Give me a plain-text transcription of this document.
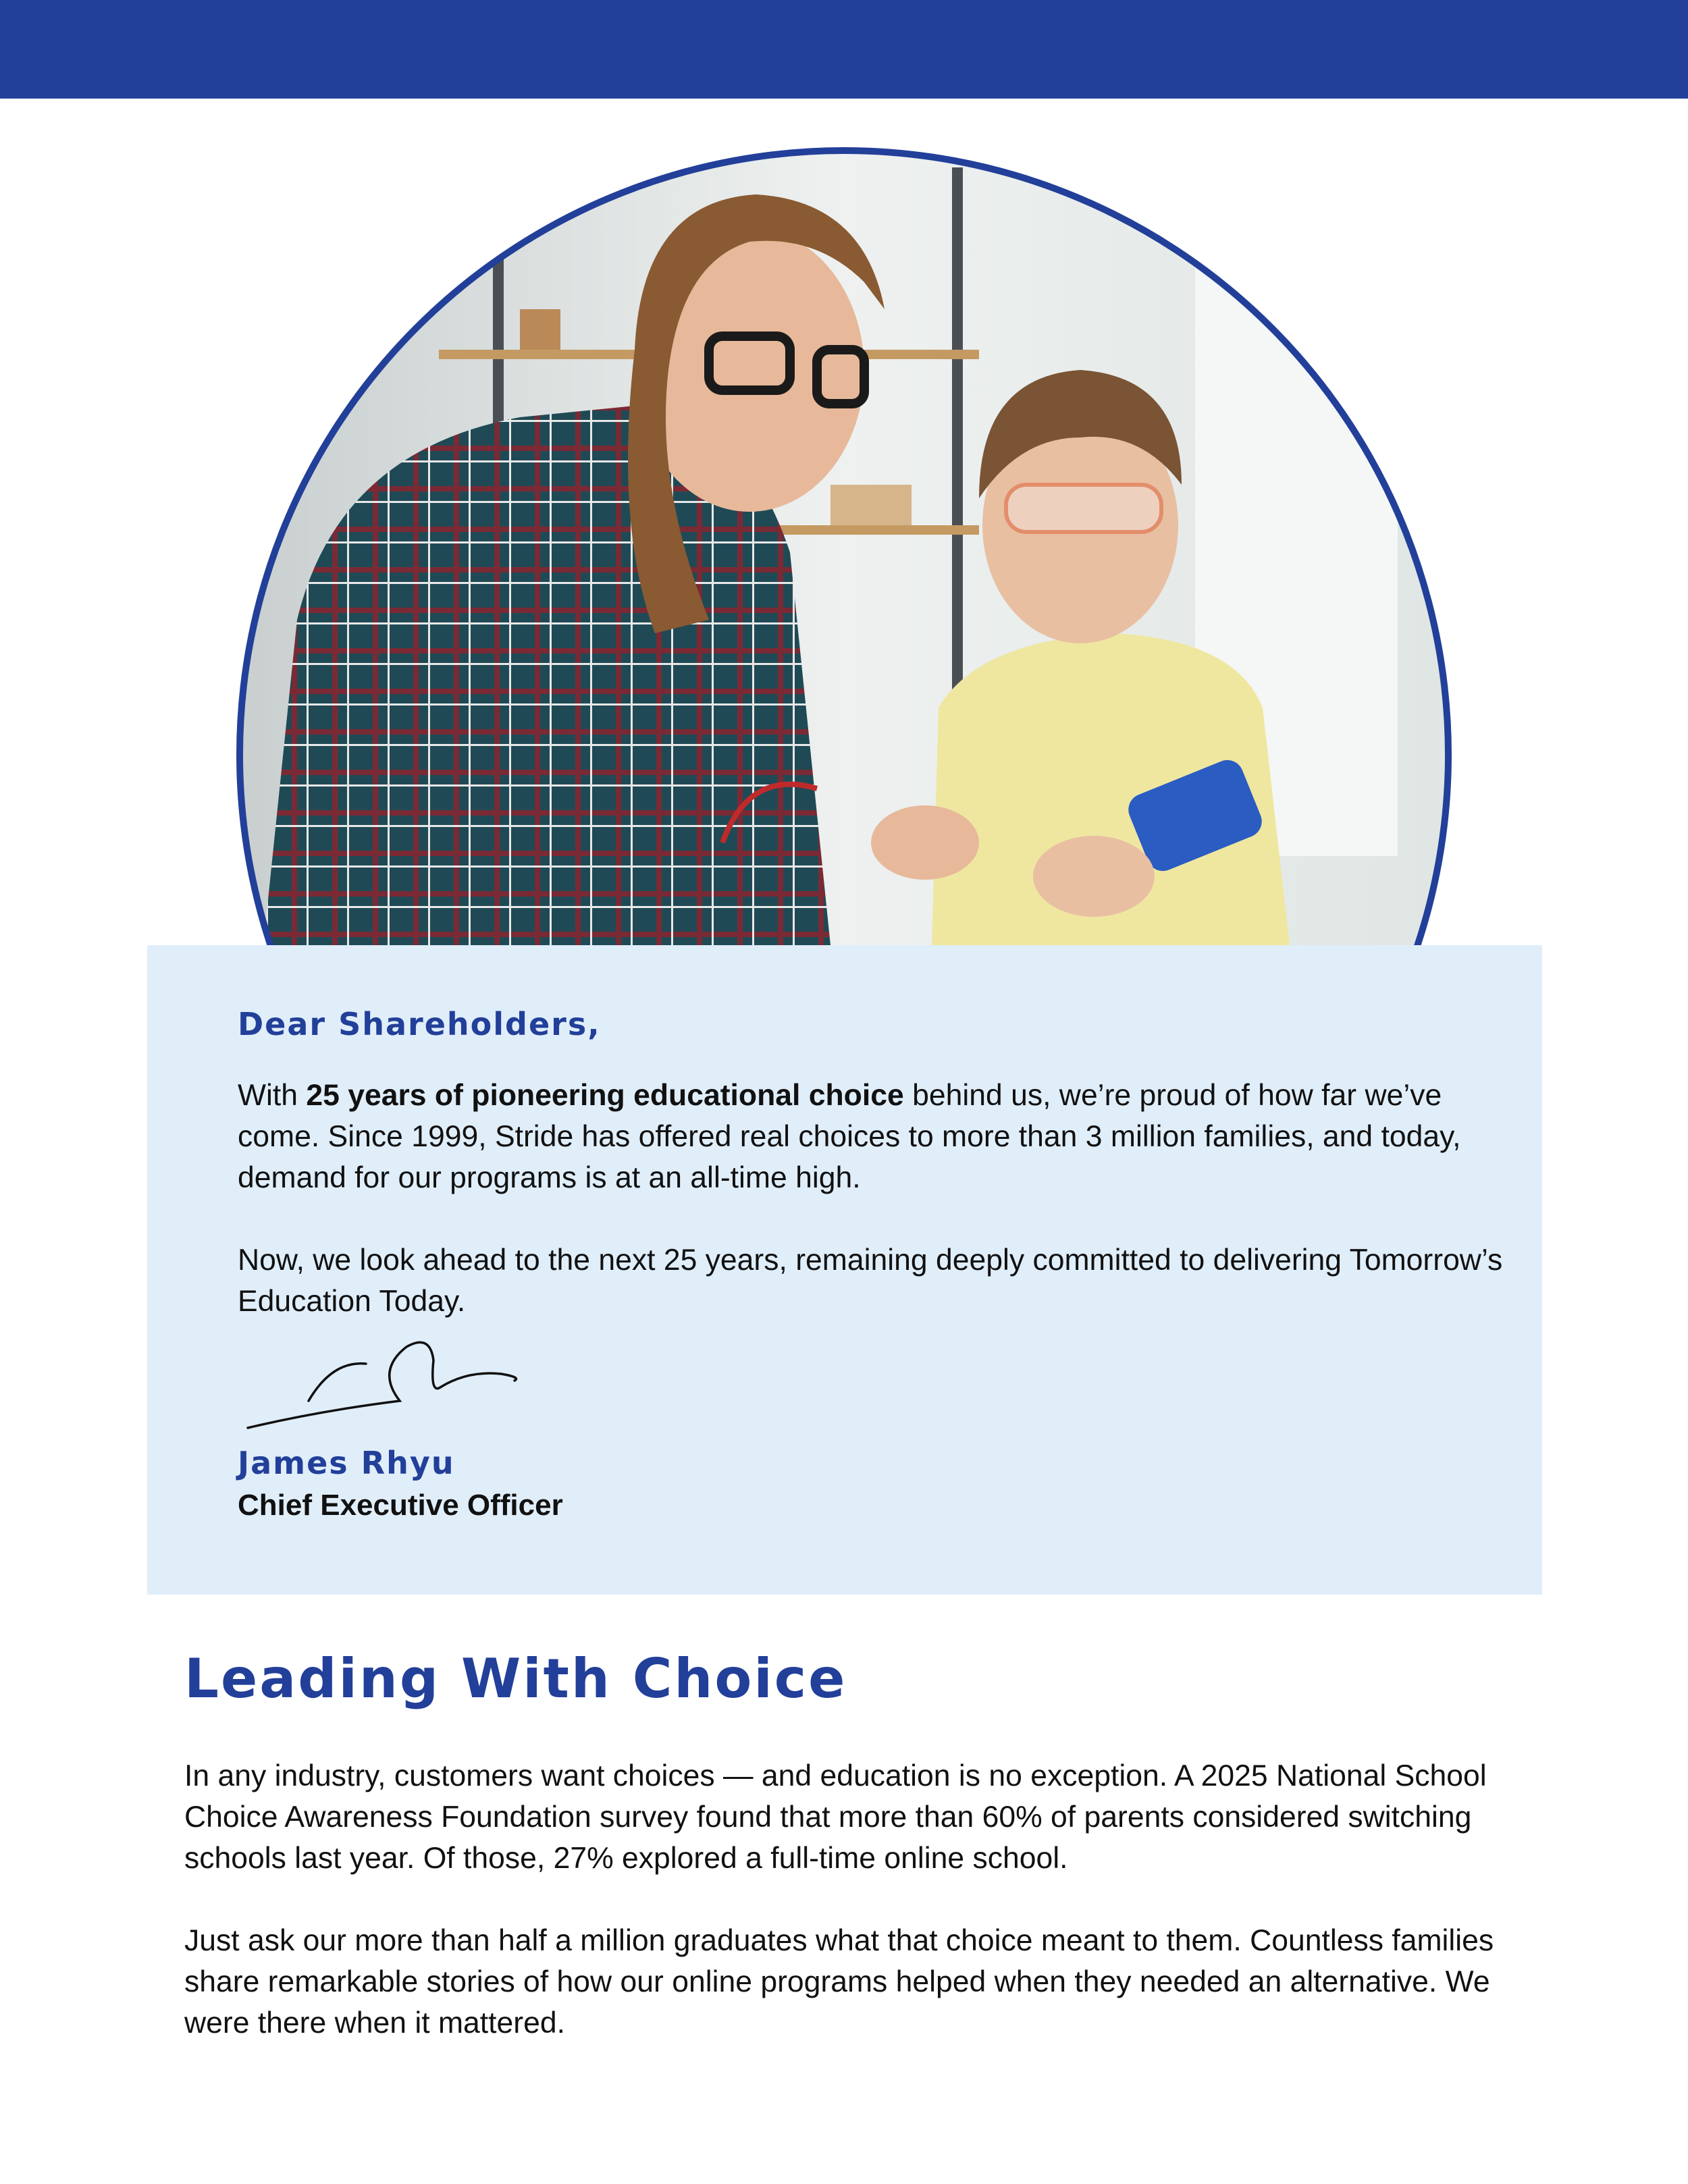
Dear Shareholders,

With 25 years of pioneering educational choice behind us, we’re proud of how far we’ve come. Since 1999, Stride has offered real choices to more than 3 million families, and today, demand for our programs is at an all-time high.

Now, we look ahead to the next 25 years, remaining deeply committed to delivering Tomorrow’s Education Today.

James Rhyu
Chief Executive Officer
Leading With Choice

In any industry, customers want choices — and education is no exception. A 2025 National School Choice Awareness Foundation survey found that more than 60% of parents considered switching schools last year. Of those, 27% explored a full-time online school.

Just ask our more than half a million graduates what that choice meant to them. Countless families share remarkable stories of how our online programs helped when they needed an alternative. We were there when it mattered.
